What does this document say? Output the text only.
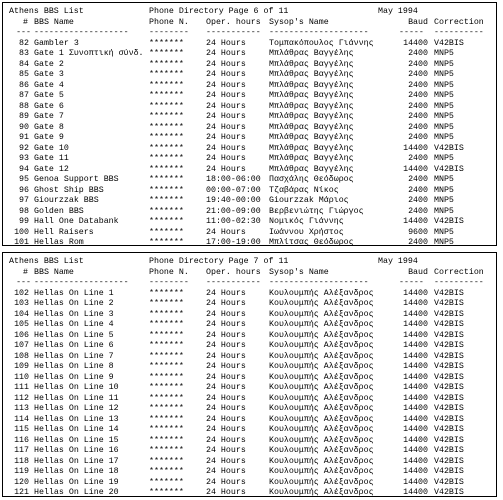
Athens BBS List	Phone Directory Page 6 of 11	May 1994
# BBS Name	Phone N. Oper. hours Sysop's Name	Baud Correction
--- ------------------- -------- ----------- --------------------	----- ----------
82 Gambler 3	*******	24 Hours	Τομπακόπουλος Γιάννης	14400 V42BIS
83 Gate 1 Συνοπτική σύνδ. *******	24 Hours	Μπλάθρας Βαγγέλης	2400 MNP5
84 Gate 2	*******	24 Hours	Μπλάθρας Βαγγέλης	2400 MNP5
85 Gate 3	*******	24 Hours	Μπλάθρας Βαγγέλης	2400 MNP5
86 Gate 4	*******	24 Hours	Μπλάθρας Βαγγέλης	2400 MNP5
87 Gate 5	*******	24 Hours	Μπλάθρας Βαγγέλης	2400 MNP5
88 Gate 6	*******	24 Hours	Μπλάθρας Βαγγέλης	2400 MNP5
89 Gate 7	*******	24 Hours	Μπλάθρας Βαγγέλης	2400 MNP5
90 Gate 8	*******	24 Hours	Μπλάθρας Βαγγέλης	2400 MNP5
91 Gate 9	*******	24 Hours	Μπλάθρας Βαγγέλης	2400 MNP5
92 Gate 10	*******	24 Hours	Μπλάθρας Βαγγέλης	14400 V42BIS
93 Gate 11	*******	24 Hours	Μπλάθρας Βαγγέλης	2400 MNP5
94 Gate 12	*******	24 Hours	Μπλάθρας Βαγγέλης	14400 V42BIS
95 Genoa Support BBS	*******	18:00-06:00 Πασχάλης Θεόδωρος	2400 MNP5
96 Ghost Ship BBS	*******	00:00-07:00 Τζαβάρας Νίκος	2400 MNP5
97 Giourzzak BBS	*******	19:40-00:00 Giourzzak Μάριος	2400 MNP5
98 Golden BBS	*******	21:00-09:00 Βερβενιώτης Γιώργος	2400 MNP5
99 Hall One Databank	*******	11:00-02:30 Νομικός Γιάννης	14400 V42BIS
100 Hell Raisers	*******	24 Hours	Ιωάννου Χρήστος	9600 MNP5
101 Hellas Rom	*******	17:00-19:00 Μπλίτσας Θεόδωρος	2400 MNP5
Athens BBS List	Phone Directory Page 7 of 11	May 1994
# BBS Name	Phone N. Oper. hours Sysop's Name	Baud Correction
--- ------------------- -------- ----------- --------------------	----- ----------
102 Hellas On Line 1	*******	24 Hours	Κουλουμπής Αλέξανδρος	14400 V42BIS
103 Hellas On Line 2	*******	24 Hours	Κουλουμπής Αλέξανδρος	14400 V42BIS
104 Hellas On Line 3	*******	24 Hours	Κουλουμπής Αλέξανδρος	14400 V42BIS
105 Hellas On Line 4	*******	24 Hours	Κουλουμπής Αλέξανδρος	14400 V42BIS
106 Hellas On Line 5	*******	24 Hours	Κουλουμπής Αλέξανδρος	14400 V42BIS
107 Hellas On Line 6	*******	24 Hours	Κουλουμπής Αλέξανδρος	14400 V42BIS
108 Hellas On Line 7	*******	24 Hours	Κουλουμπής Αλέξανδρος	14400 V42BIS
109 Hellas On Line 8	*******	24 Hours	Κουλουμπής Αλέξανδρος	14400 V42BIS
110 Hellas On Line 9	*******	24 Hours	Κουλουμπής Αλέξανδρος	14400 V42BIS
111 Hellas On Line 10	*******	24 Hours	Κουλουμπής Αλέξανδρος	14400 V42BIS
112 Hellas On Line 11	*******	24 Hours	Κουλουμπής Αλέξανδρος	14400 V42BIS
113 Hellas On Line 12	*******	24 Hours	Κουλουμπής Αλέξανδρος	14400 V42BIS
114 Hellas On Line 13	*******	24 Hours	Κουλουμπής Αλέξανδρος	14400 V42BIS
115 Hellas On Line 14	*******	24 Hours	Κουλουμπής Αλέξανδρος	14400 V42BIS
116 Hellas On Line 15	*******	24 Hours	Κουλουμπής Αλέξανδρος	14400 V42BIS
117 Hellas On Line 16	*******	24 Hours	Κουλουμπής Αλέξανδρος	14400 V42BIS
118 Hellas On Line 17	*******	24 Hours	Κουλουμπής Αλέξανδρος	14400 V42BIS
119 Hellas On Line 18	*******	24 Hours	Κουλουμπής Αλέξανδρος	14400 V42BIS
120 Hellas On Line 19	*******	24 Hours	Κουλουμπής Αλέξανδρος	14400 V42BIS
121 Hellas On Line 20	*******	24 Hours	Κουλουμπής Αλέξανδρος	14400 V42BIS
